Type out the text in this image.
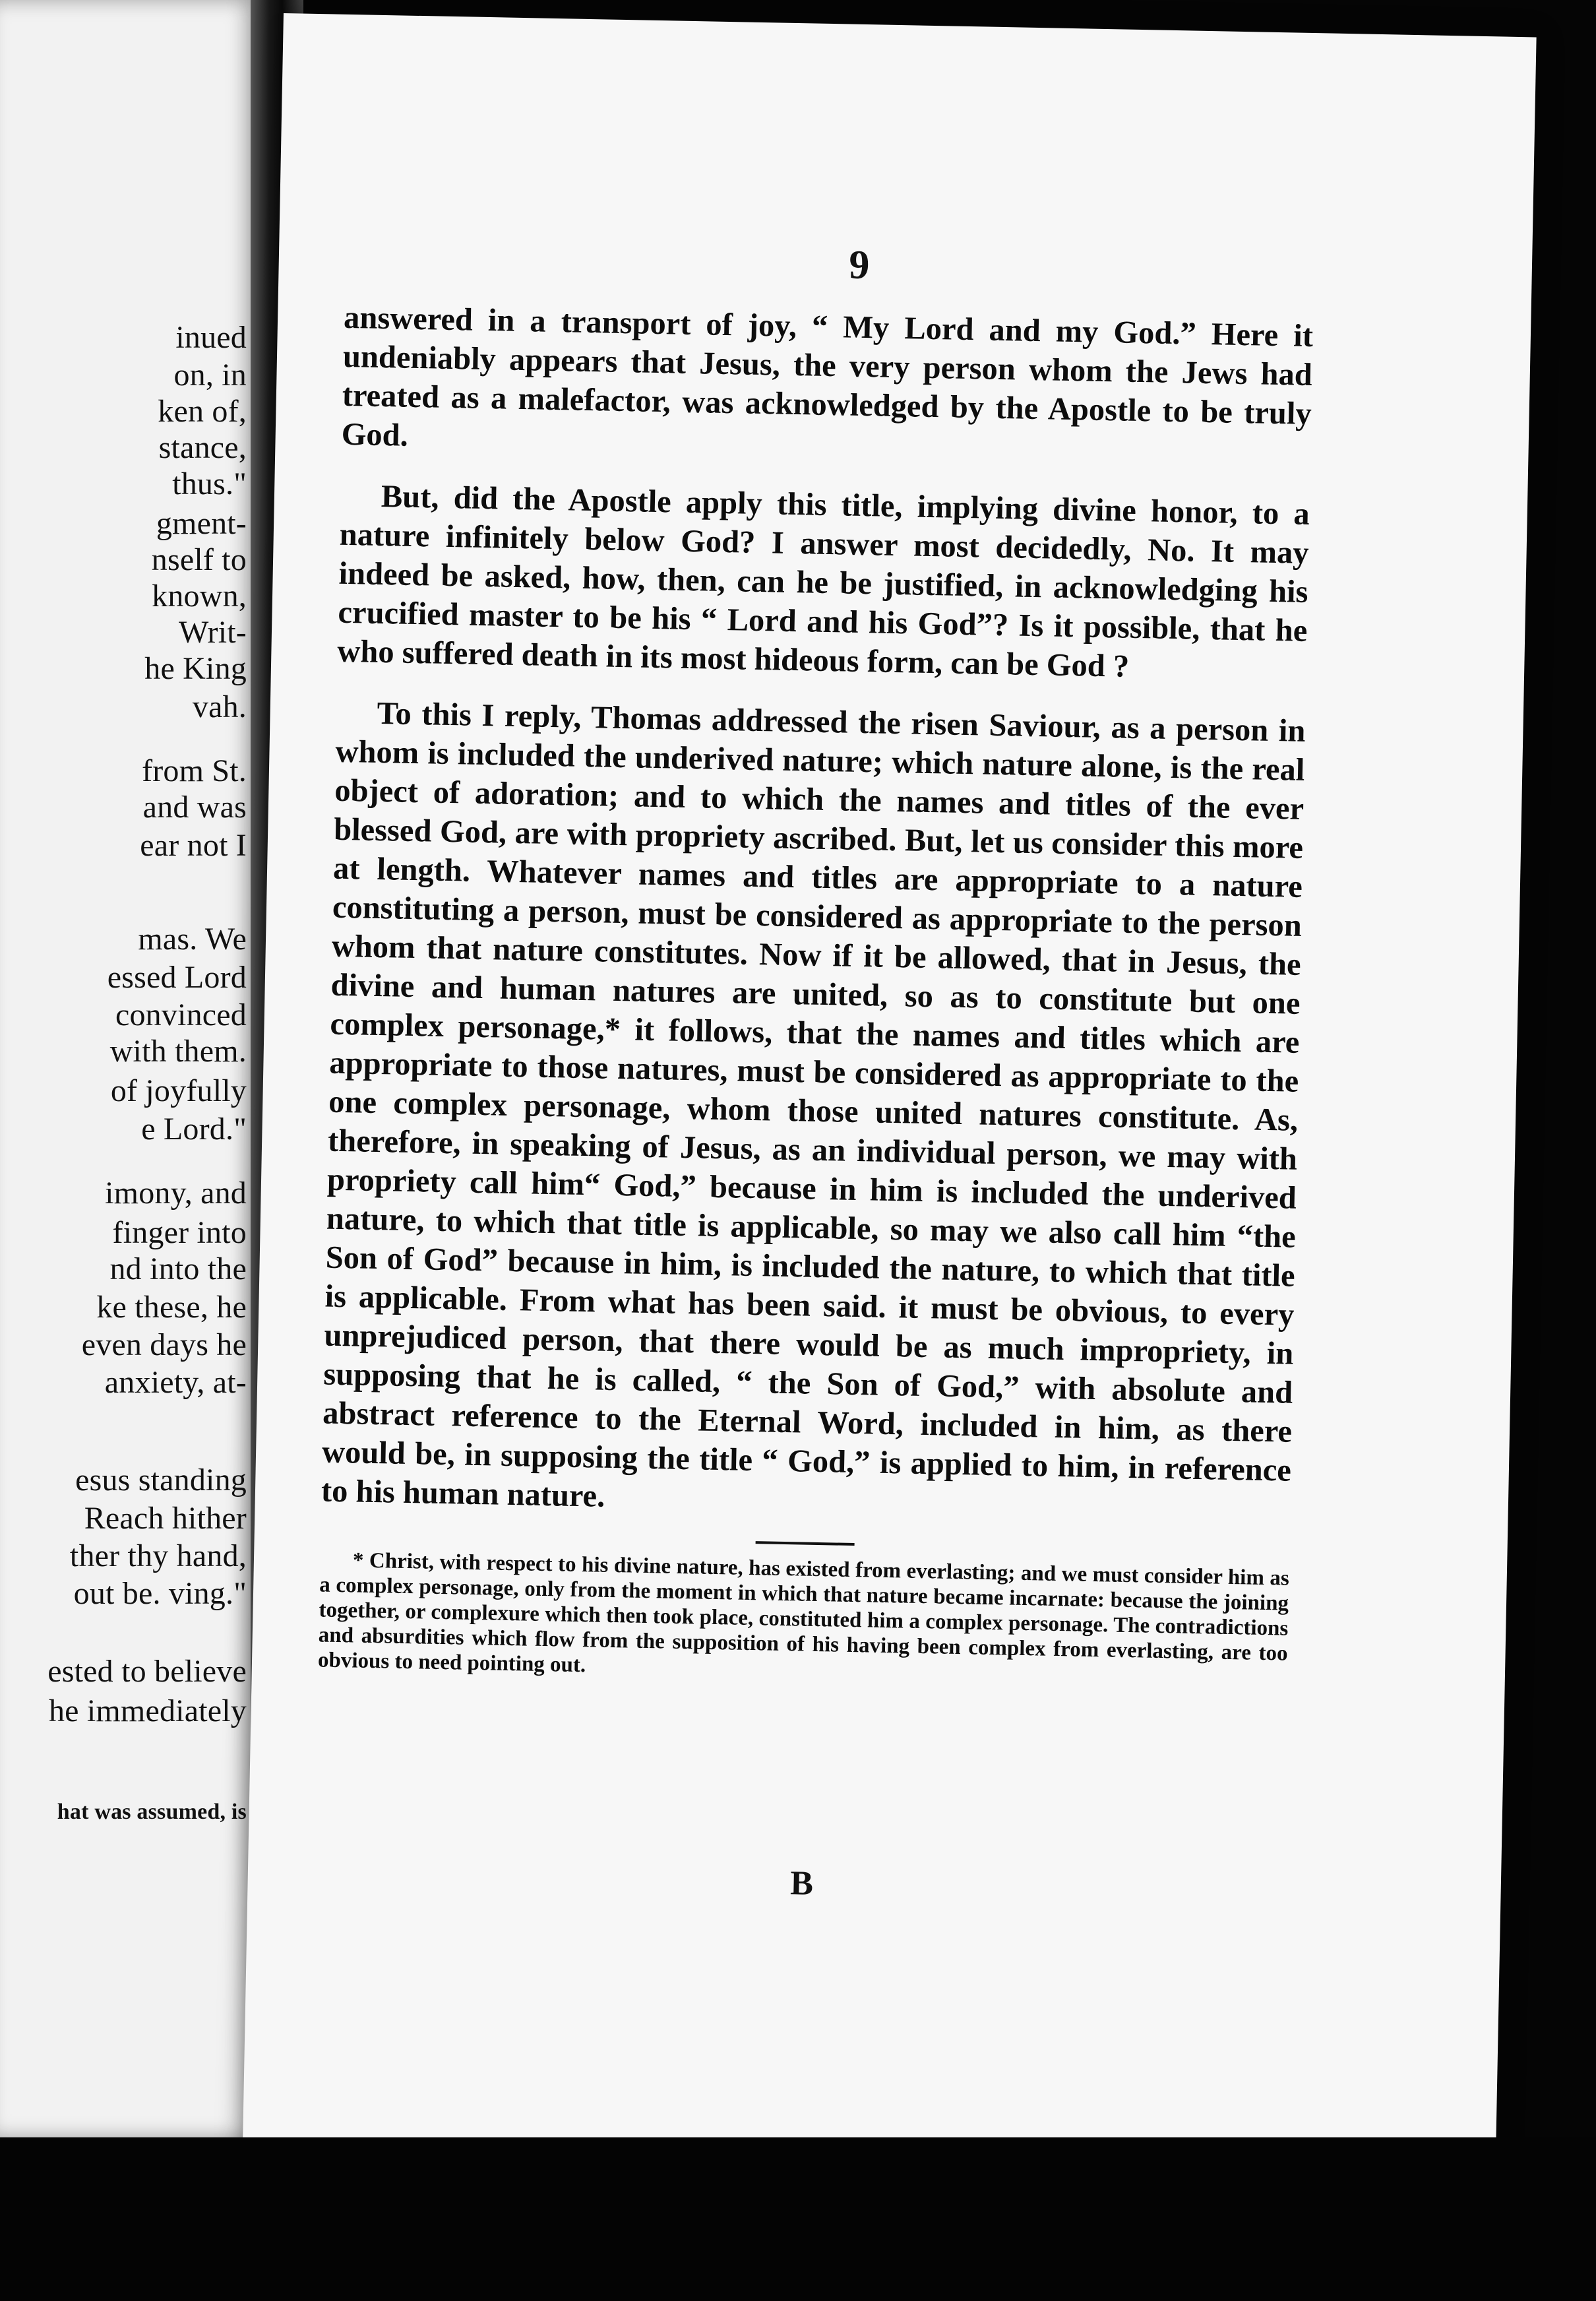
inued
on, in
ken of,
stance,
thus."
gment-
nself to
known,
Writ-
he King
vah.
from St.
and was
ear not I
mas. We
essed Lord
convinced
with them.
of joyfully
e Lord."
imony, and
finger into
nd into the
ke these, he
even days he
anxiety, at-
esus standing
Reach hither
ther thy hand,
out be. ving."
ested to believe
he immediately
hat was assumed, is
9

answered in a transport of joy, “ My Lord and my God.” Here it undeniably appears that Jesus, the very person whom the Jews had treated as a malefactor, was acknowledged by the Apostle to be truly God.

But, did the Apostle apply this title, implying divine honor, to a nature infinitely below God? I answer most decidedly, No. It may indeed be asked, how, then, can he be justified, in acknowledging his crucified master to be his “ Lord and his God”? Is it possible, that he who suffered death in its most hideous form, can be God ?

To this I reply, Thomas addressed the risen Saviour, as a person in whom is included the underived nature; which nature alone, is the real object of adoration; and to which the names and titles of the ever blessed God, are with propriety ascribed. But, let us consider this more at length. Whatever names and titles are appropriate to a nature constituting a person, must be considered as appropriate to the person whom that nature constitutes. Now if it be allowed, that in Jesus, the divine and human natures are united, so as to constitute but one complex personage,* it follows, that the names and titles which are appropriate to those natures, must be considered as appropriate to the one complex personage, whom those united natures constitute. As, therefore, in speaking of Jesus, as an individual person, we may with propriety call him“ God,” because in him is included the underived nature, to which that title is applicable, so may we also call him “the Son of God” because in him, is included the nature, to which that title is applicable. From what has been said. it must be obvious, to every unprejudiced person, that there would be as much impropriety, in supposing that he is called, “ the Son of God,” with absolute and abstract reference to the Eternal Word, included in him, as there would be, in supposing the title “ God,” is applied to him, in reference to his human nature.

* Christ, with respect to his divine nature, has existed from everlasting; and we must consider him as a complex personage, only from the moment in which that nature became incarnate: because the joining together, or complexure which then took place, constituted him a complex personage. The contradictions and absurdities which flow from the supposition of his having been complex from everlasting, are too obvious to need pointing out.

B
